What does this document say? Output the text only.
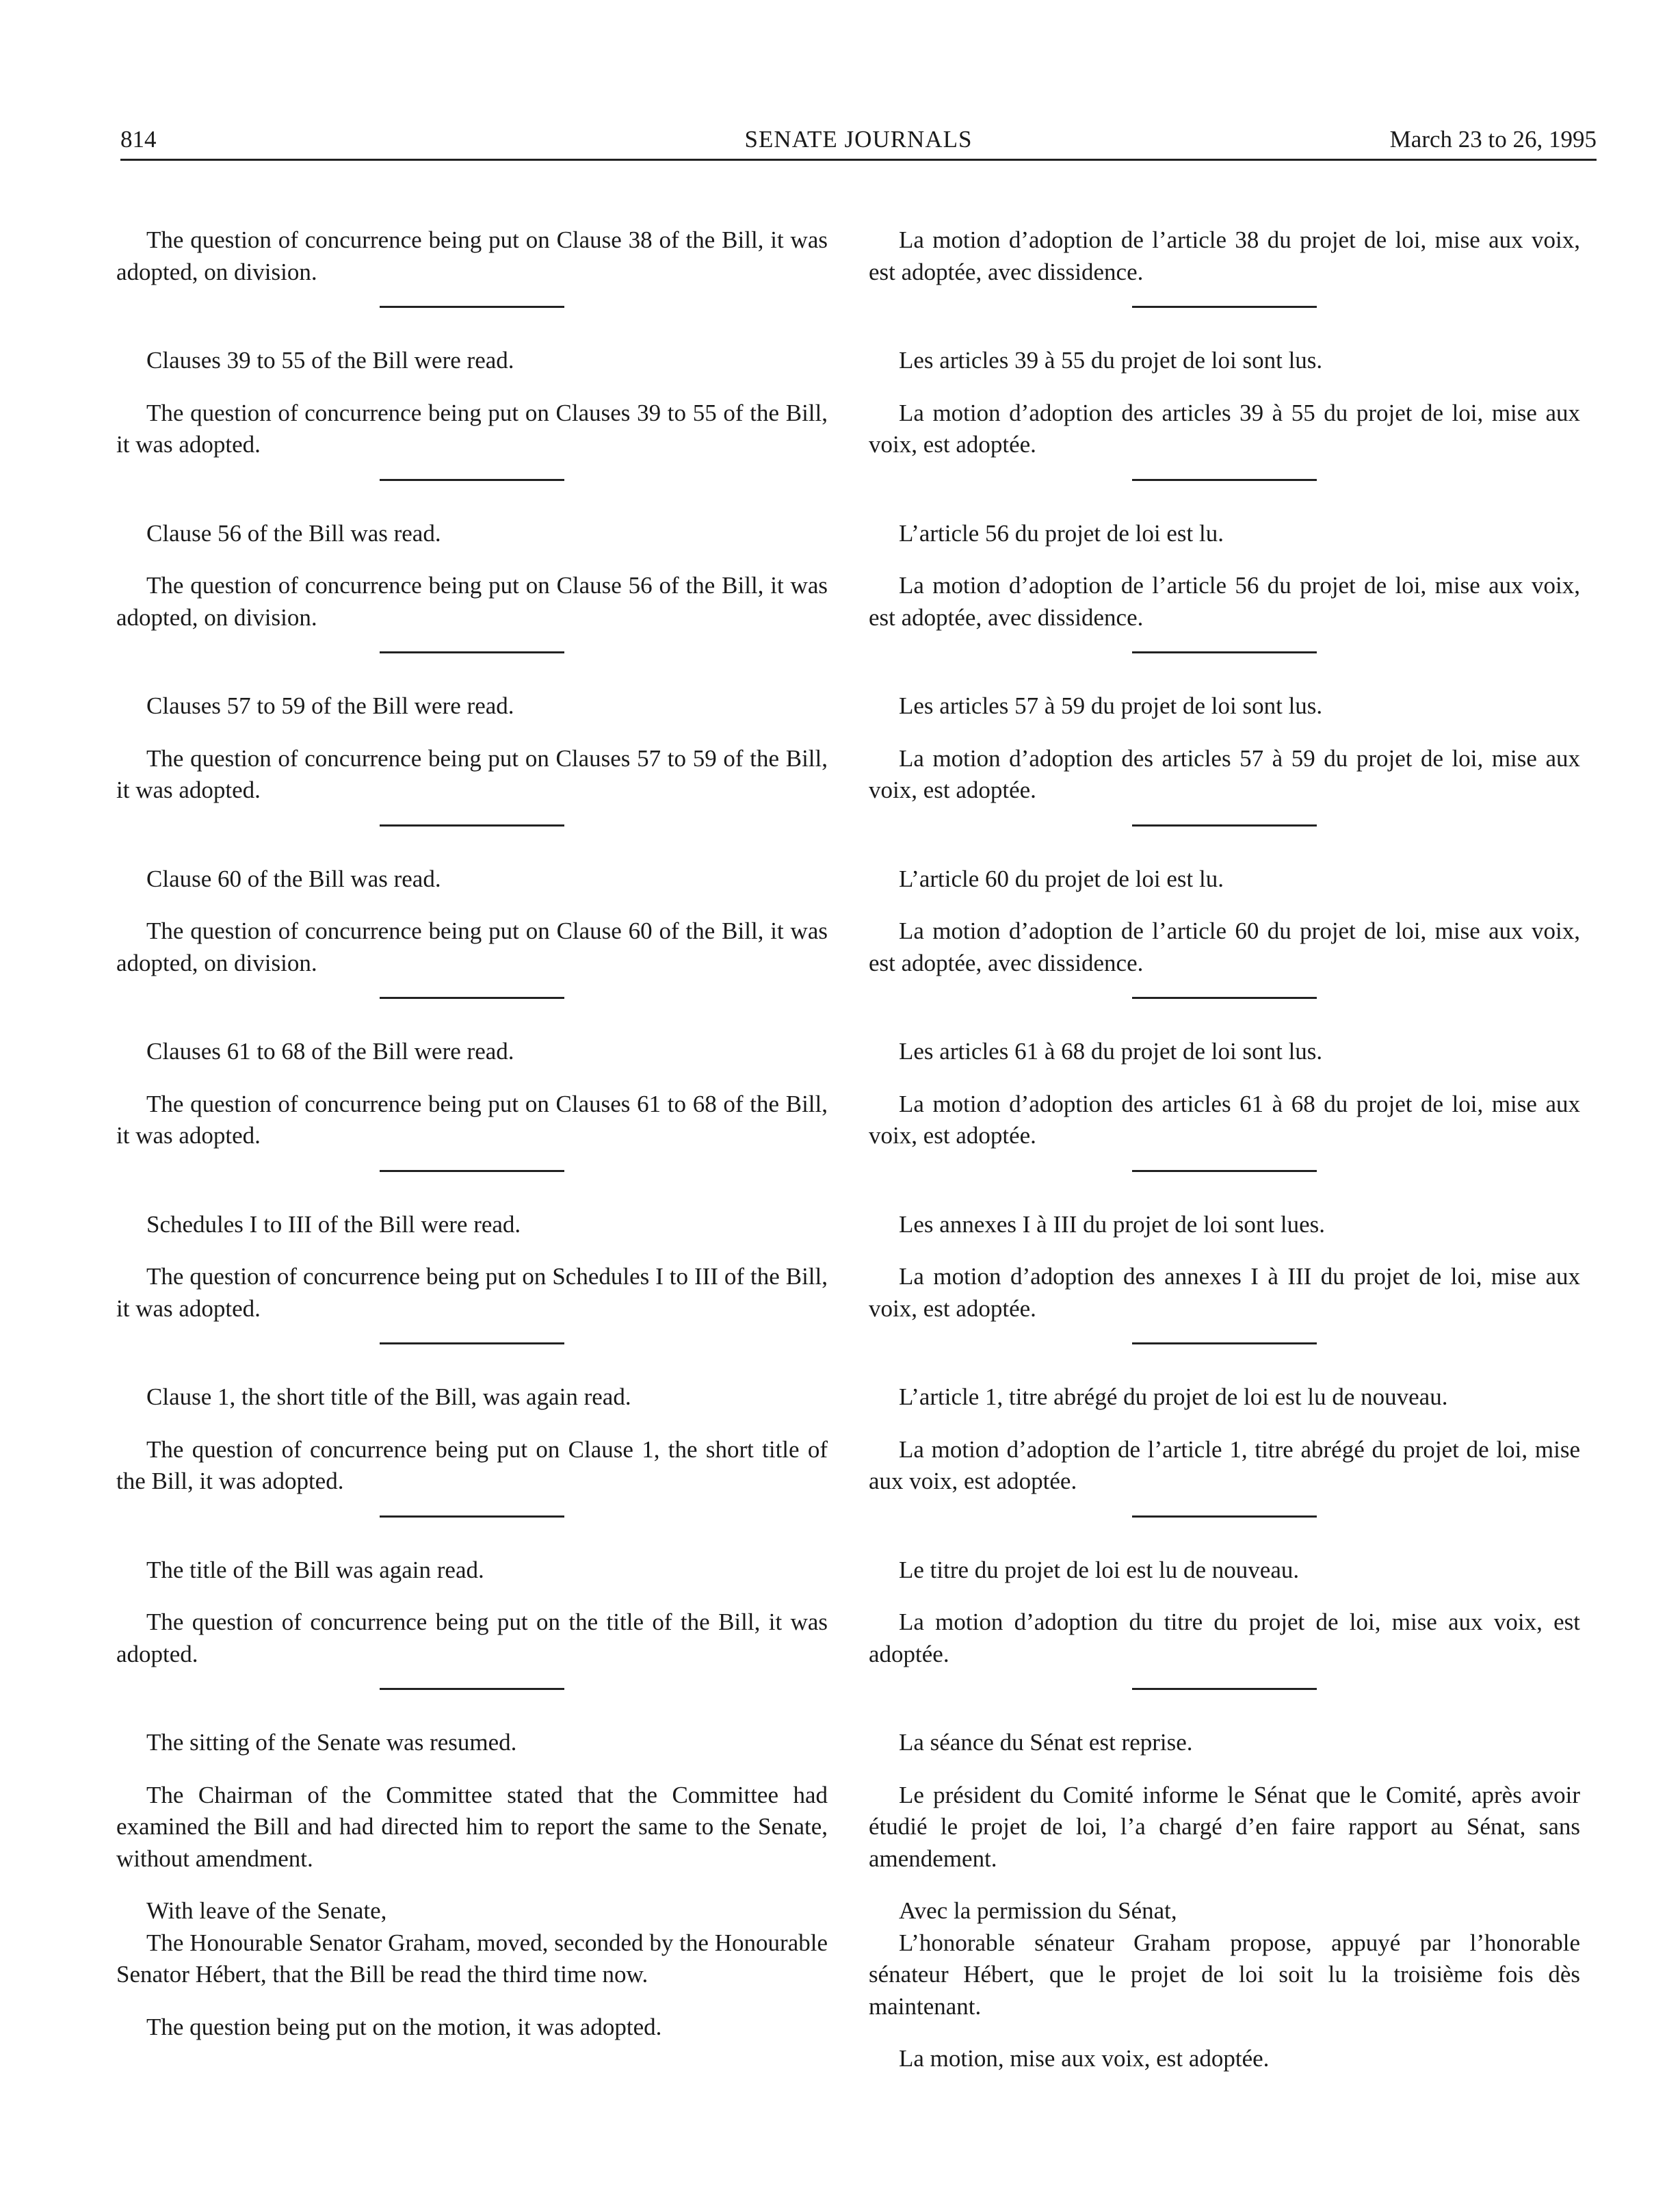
814	SENATE JOURNALS	March 23 to 26, 1995

The question of concurrence being put on Clause 38 of the Bill, it was adopted, on division.

Clauses 39 to 55 of the Bill were read.

The question of concurrence being put on Clauses 39 to 55 of the Bill, it was adopted.

Clause 56 of the Bill was read.

The question of concurrence being put on Clause 56 of the Bill, it was adopted, on division.

Clauses 57 to 59 of the Bill were read.

The question of concurrence being put on Clauses 57 to 59 of the Bill, it was adopted.

Clause 60 of the Bill was read.

The question of concurrence being put on Clause 60 of the Bill, it was adopted, on division.

Clauses 61 to 68 of the Bill were read.

The question of concurrence being put on Clauses 61 to 68 of the Bill, it was adopted.

Schedules I to III of the Bill were read.

The question of concurrence being put on Schedules I to III of the Bill, it was adopted.

Clause 1, the short title of the Bill, was again read.

The question of concurrence being put on Clause 1, the short title of the Bill, it was adopted.

The title of the Bill was again read.

The question of concurrence being put on the title of the Bill, it was adopted.

The sitting of the Senate was resumed.

The Chairman of the Committee stated that the Committee had examined the Bill and had directed him to report the same to the Senate, without amendment.

With leave of the Senate,

The Honourable Senator Graham, moved, seconded by the Honourable Senator Hébert, that the Bill be read the third time now.

The question being put on the motion, it was adopted.

La motion d’adoption de l’article 38 du projet de loi, mise aux voix, est adoptée, avec dissidence.

Les articles 39 à 55 du projet de loi sont lus.

La motion d’adoption des articles 39 à 55 du projet de loi, mise aux voix, est adoptée.

L’article 56 du projet de loi est lu.

La motion d’adoption de l’article 56 du projet de loi, mise aux voix, est adoptée, avec dissidence.

Les articles 57 à 59 du projet de loi sont lus.

La motion d’adoption des articles 57 à 59 du projet de loi, mise aux voix, est adoptée.

L’article 60 du projet de loi est lu.

La motion d’adoption de l’article 60 du projet de loi, mise aux voix, est adoptée, avec dissidence.

Les articles 61 à 68 du projet de loi sont lus.

La motion d’adoption des articles 61 à 68 du projet de loi, mise aux voix, est adoptée.

Les annexes I à III du projet de loi sont lues.

La motion d’adoption des annexes I à III du projet de loi, mise aux voix, est adoptée.

L’article 1, titre abrégé du projet de loi est lu de nouveau.

La motion d’adoption de l’article 1, titre abrégé du projet de loi, mise aux voix, est adoptée.

Le titre du projet de loi est lu de nouveau.

La motion d’adoption du titre du projet de loi, mise aux voix, est adoptée.

La séance du Sénat est reprise.

Le président du Comité informe le Sénat que le Comité, après avoir étudié le projet de loi, l’a chargé d’en faire rapport au Sénat, sans amendement.

Avec la permission du Sénat,

L’honorable sénateur Graham propose, appuyé par l’honorable sénateur Hébert, que le projet de loi soit lu la troisième fois dès maintenant.

La motion, mise aux voix, est adoptée.
